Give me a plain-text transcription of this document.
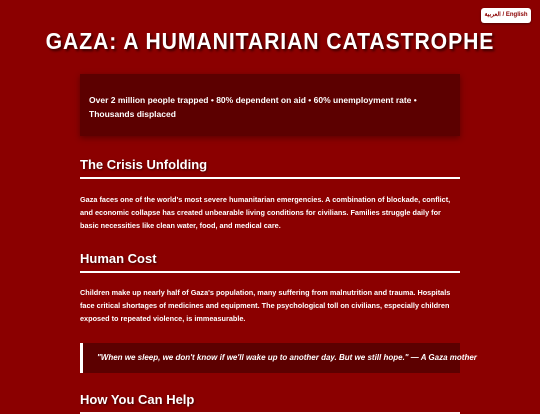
العربية / English
GAZA: A HUMANITARIAN CATASTROPHE
Over 2 million people trapped • 80% dependent on aid • 60% unemployment rate • Thousands displaced
The Crisis Unfolding
Gaza faces one of the world's most severe humanitarian emergencies. A combination of blockade, conflict, and economic collapse has created unbearable living conditions for civilians. Families struggle daily for basic necessities like clean water, food, and medical care.
Human Cost
Children make up nearly half of Gaza's population, many suffering from malnutrition and trauma. Hospitals face critical shortages of medicines and equipment. The psychological toll on civilians, especially children exposed to repeated violence, is immeasurable.
"When we sleep, we don't know if we'll wake up to another day. But we still hope." — A Gaza mother
How You Can Help
